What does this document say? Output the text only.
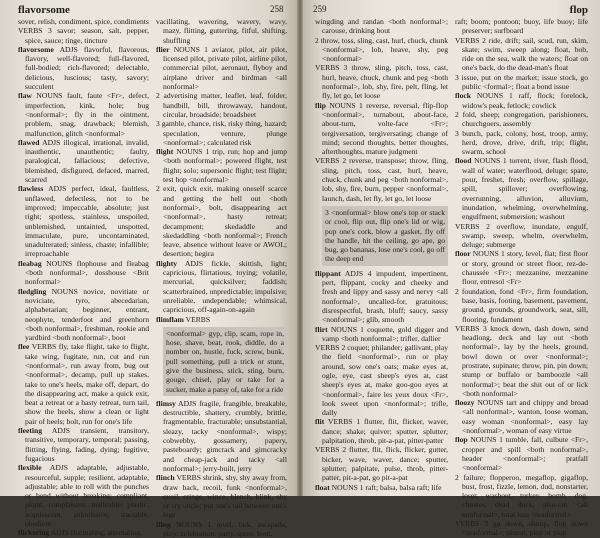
flavorsome	258

sover, relish, condiment, spice, condiments

VERBS 3 savor; season, salt, pepper, spice, sauce; tinge, tincture

flavorsome ADJS flavorful, flavorous, flavory, well-flavored; full-flavored, full-bodied; rich-flavored; delectable, delicious, luscious; tasty, savory; succulent

flaw NOUNS fault, faute <Fr>, defect, imperfection, kink, hole; bug <nonformal>; fly in the ointment, problem, snag, drawback; blemish, malfunction, glitch <nonformal>

flawed ADJS illogical, irrational, invalid, inauthentic, unauthentic; faulty, paralogical, fallacious; defective, blemished, disfigured, defaced, marred, scarred

flawless ADJS perfect, ideal, faultless, unflawed, defectless, not to be improved; impeccable, absolute; just right; spotless, stainless, unspoiled, unblemished, untainted, unspotted, immaculate, pure, uncontaminated, unadulterated; sinless, chaste; infallible; irreproachable

fleabag NOUNS flophouse and fleabag <both nonformal>, dosshouse <Brit nonformal>

fledgling NOUNS novice, novitiate or noviciate, tyro, abecedarian, alphabetarian; beginner, entrant, neophyte, tenderfoot and greenhorn <both nonformal>, freshman, rookie and yardbird <both nonformal>, boot

flee VERBS fly, take flight, take to flight, take wing, fugitate, run, cut and run <nonformal>, run away from, bug out <nonformal>, decamp, pull up stakes, take to one's heels, make off, depart, do the disappearing act, make a quick exit, beat a retreat or a hasty retreat, turn tail, show the heels, show a clean or light pair of heels; bolt, run for one's life

fleeting ADJS transient, transitory, transitive, temporary, temporal; passing, flitting, flying, fading, dying; fugitive, fugacious

flexible ADJS adaptable, adjustable, resourceful, supple; resilient, adaptable, adjustable; able to roll with the punches or bend without breaking; compliant, pliant, complaisant, malleable; plastic, acquiescent, submissive, tractable, obedient

flickering ADJS fluctuating, alternating,

vacillating, wavering, wavery, wavy, mazy, flitting, guttering, fitful, shifting, shuffling

flier NOUNS 1 aviator, pilot, air pilot, licensed pilot, private pilot, airline pilot, commercial pilot, aeronaut, flyboy and airplane driver and birdman <all nonformal>

2 advertising matter, leaflet, leaf, folder, handbill, bill, throwaway, handout, circular, broadside; broadsheet

3 gamble, chance, risk, risky thing, hazard; speculation, venture, plunge <nonformal>; calculated risk

flight NOUNS 1 trip, run; hop and jump <both nonformal>; powered flight, test flight; solo; supersonic flight; test flight; test hop <nonformal>

2 exit, quick exit, making oneself scarce and getting the hell out <both nonformal>, bolt, disappearing act <nonformal>, hasty retreat; decampment; skedaddle and skedaddling <both nonformal>; French leave, absence without leave or AWOL; desertion; hegira

flighty ADJS fickle, skittish, light; capricious, flirtatious, toying; volatile, mercurial, quicksilver; faddish; scatterbrained, unpredictable; impulsive; unreliable, undependable; whimsical, capricious, off-again-on-again

flimflam VERBS
<nonformal> gyp, clip, scam, rope in, hose, shave, beat, rook, diddle, do a number on, hustle, fuck, screw, bunk, pull something, pull a trick or stunt, give the business, stick, sting, burn, gouge, chisel, play or take for a sucker, make a patsy of, take for a ride

flimsy ADJS fragile, frangible, breakable, destructible, shattery, crumbly, brittle, fragmentable, fracturable; unsubstantial, sleazy, tacky <nonformal>, wispy; cobwebby, gossamery, papery, pasteboardy; gimcrack and gimcracky and cheap-jack and tacky <all nonformal>; jerry-built, jerry

flinch VERBS shrink, shy, shy away from, draw back, recoil, funk <nonformal>, quail, cringe, wince, blench, blink, shy or cry uncle; put one's tail between one's legs

fling NOUNS 1 revel, lark, escapade, ploy; celebration; party, spree, bout,

259	flop

wingding and randan <both nonformal>; carouse, drinking bout

2 throw, toss, sling, cast, hurl, chuck, chunk <nonformal>, lob, heave, shy, peg <nonformal>

VERBS 3 throw, sling, pitch, toss, cast, hurl, heave, chuck, chunk and peg <both nonformal>, lob, shy, fire, pelt, fling, let fly, let go, let loose

flip NOUNS 1 reverse, reversal, flip-flop <nonformal>, turnabout, about-face, about-turn, volte-face <Fr>; tergiversation, tergiversating; change of mind; second thoughts, better thoughts, afterthoughts, mature judgment

VERBS 2 reverse, transpose; throw, fling, sling, pitch, toss, cast, hurl, heave, chuck, chunk and peg <both nonformal>, lob, shy, fire, burn, pepper <nonformal>, launch, dash, let fly, let go, let loose

3 <nonformal> blow one's top or stack or cool, flip out, flip one's lid or wig, pop one's cork, blow a gasket, fly off the handle, hit the ceiling, go ape, go bug, go bananas, lose one's cool, go off the deep end

flippant ADJS 4 impudent, impertinent, pert, flippant, cocky and cheeky and fresh and lippy and sassy and nervy <all nonformal>, uncalled-for, gratuitous; disrespectful, brash, bluff; saucy, sassy <nonformal>; glib, smooth

flirt NOUNS 1 coquette, gold digger and vamp <both nonformal>; trifler, dallier

VERBS 2 coquet; philander; gallivant, play the field <nonformal>, run or play around, sow one's oats; make eyes at, ogle, eye, cast sheep's eyes at, cast sheep's eyes at, make goo-goo eyes at <nonformal>, faire les yeux doux <Fr>, look sweet upon <nonformal>; trifle, dally

flit VERBS 1 flutter, flit, flicker, waver, dance; shake; quiver; sputter, splutter; palpitation, throb, pit-a-pat, pitter-patter

VERBS 2 flutter, flit, flick, flicker, gutter, bicker, wave, waver, dance; sputter, splutter; palpitate, pulse, throb, pitter-patter, pit-a-pat, go pit-a-pat

float NOUNS 1 raft; balsa, balsa raft; life

raft; boom; pontoon; buoy, life buoy; life preserver; surfboard

VERBS 2 ride, drift; sail, scud, run, skim, skate; swim, sweep along; float, bob, ride on the sea, walk the waters; float on one's back, do the dead-man's float

3 issue, put on the market; issue stock, go public <formal>; float a bond issue

flock NOUNS 1 raff, flock; forelock, widow's peak, fetlock; cowlick

2 fold, sheep; congregation, parishioners, churchgoers, assembly

3 bunch, pack, colony, host, troop, army, herd, drove, drive, drift, trip; flight, swarm, school

flood NOUNS 1 torrent, river, flash flood, wall of water; waterflood, deluge; spate, pour, freshet, fresh; overflow, spillage, spill, spillover; overflowing, overrunning, alluvion, alluvium, inundation, whelming, overwhelming, engulfment, submersion; washout

VERBS 2 overflow, inundate, engulf, swamp, sweep, whelm, overwhelm, deluge; submerge

floor NOUNS 1 story, level, flat; first floor or story, ground or street floor, rez-de-chaussée <Fr>; mezzanine, mezzanine floor, entresol <Fr>

2 foundation, fond <Fr>, firm foundation, base, basis, footing, basement, pavement, ground, grounds, groundwork, seat, sill, flooring, fundament

VERBS 3 knock down, dash down, send headlong, deck and lay out <both nonformal>, lay by the heels, ground, bowl down or over <nonformal>; prostrate, supinate; throw, pin, pin down; stump or buffalo or bamboozle <all nonformal>; beat the shit out of or lick <both nonformal>

floozy NOUNS tart and chippy and broad <all nonformal>, wanton, loose woman, easy woman <nonformal>, easy lay <nonformal>, woman of easy virtue

flop NOUNS 1 tumble, fall, culbute <Fr>, cropper and spill <both nonformal>, header <nonformal>; pratfall <nonformal>

2 failure; flopperoo, megaflop, gigaflop, bust, frost, fizzle, lemon, dud, nonstarter, loser, washout, turkey, bomb, dog, clunker, dead duck, also-ran <all nonformal>, total loss <nonformal>

VERBS 3 go down, slump, flop down <nonformal>; plump, plop or plop
